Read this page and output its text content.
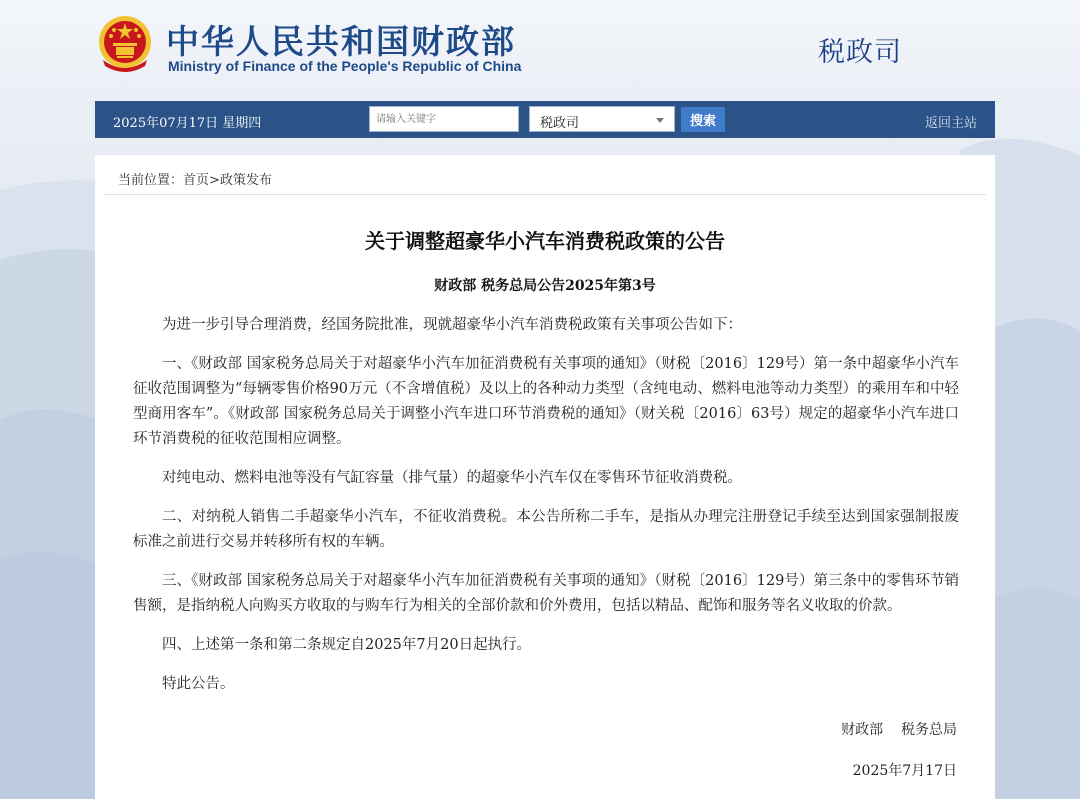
中华人民共和国财政部
Ministry of Finance of the People's Republic of China	税政司
2025年07月17日 星期四
请输入关键字	税政司	搜索	返回主站
当前位置：首页>政策发布
关于调整超豪华小汽车消费税政策的公告
财政部 税务总局公告2025年第3号

为进一步引导合理消费，经国务院批准，现就超豪华小汽车消费税政策有关事项公告如下：

一、《财政部 国家税务总局关于对超豪华小汽车加征消费税有关事项的通知》（财税〔2016〕129号）第一条中超豪华小汽车征收范围调整为“每辆零售价格90万元（不含增值税）及以上的各种动力类型（含纯电动、燃料电池等动力类型）的乘用车和中轻型商用客车”。《财政部 国家税务总局关于调整小汽车进口环节消费税的通知》（财关税〔2016〕63号）规定的超豪华小汽车进口环节消费税的征收范围相应调整。

对纯电动、燃料电池等没有气缸容量（排气量）的超豪华小汽车仅在零售环节征收消费税。

二、对纳税人销售二手超豪华小汽车，不征收消费税。本公告所称二手车，是指从办理完注册登记手续至达到国家强制报废标准之前进行交易并转移所有权的车辆。

三、《财政部 国家税务总局关于对超豪华小汽车加征消费税有关事项的通知》（财税〔2016〕129号）第三条中的零售环节销售额，是指纳税人向购买方收取的与购车行为相关的全部价款和价外费用，包括以精品、配饰和服务等名义收取的价款。

四、上述第一条和第二条规定自2025年7月20日起执行。

特此公告。

财政部    税务总局
2025年7月17日
